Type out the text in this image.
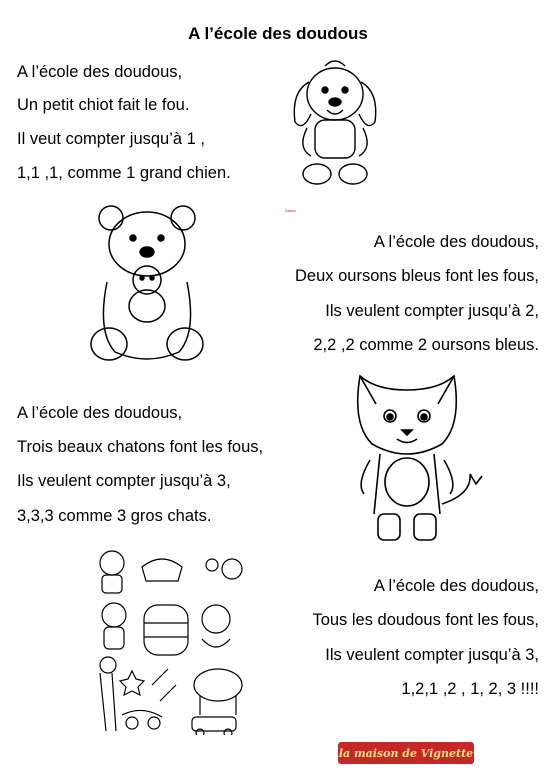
A l’école des doudous
A l’école des doudous,
Un petit chiot fait le fou.
Il veut compter jusqu’à 1 ,
1,1 ,1, comme 1 grand chien.
Dalloz
A l’école des doudous,
Deux oursons bleus font les fous,
Ils veulent compter jusqu’à 2,
2,2 ,2 comme 2 oursons bleus.
A l’école des doudous,
Trois beaux chatons font les fous,
Ils veulent compter jusqu’à 3,
3,3,3 comme 3 gros chats.
A l’école des doudous,
Tous les doudous font les fous,
Ils veulent compter jusqu’à 3,
1,2,1 ,2 , 1, 2, 3 !!!!
la maison de Vignette
